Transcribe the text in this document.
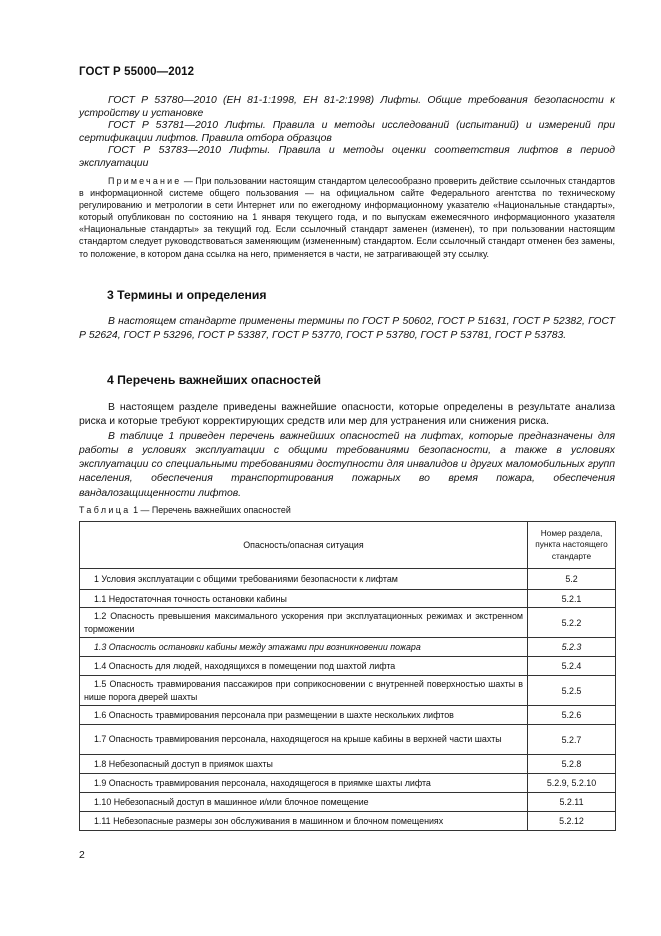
ГОСТ Р 55000—2012

ГОСТ Р 53780—2010 (ЕН 81-1:1998, ЕН 81-2:1998) Лифты. Общие требования безопасности к устройству и установке

ГОСТ Р 53781—2010 Лифты. Правила и методы исследований (испытаний) и измерений при сертификации лифтов. Правила отбора образцов

ГОСТ Р 53783—2010 Лифты. Правила и методы оценки соответствия лифтов в период эксплуатации

Примечание — При пользовании настоящим стандартом целесообразно проверить действие ссылочных стандартов в информационной системе общего пользования — на официальном сайте Федерального агентства по техническому регулированию и метрологии в сети Интернет или по ежегодному информационному указателю «Национальные стандарты», который опубликован по состоянию на 1 января текущего года, и по выпускам ежемесячного информационного указателя «Национальные стандарты» за текущий год. Если ссылочный стандарт заменен (изменен), то при пользовании настоящим стандартом следует руководствоваться заменяющим (измененным) стандартом. Если ссылочный стандарт отменен без замены, то положение, в котором дана ссылка на него, применяется в части, не затрагивающей эту ссылку.

3 Термины и определения

В настоящем стандарте применены термины по ГОСТ Р 50602, ГОСТ Р 51631, ГОСТ Р 52382, ГОСТ Р 52624, ГОСТ Р 53296, ГОСТ Р 53387, ГОСТ Р 53770, ГОСТ Р 53780, ГОСТ Р 53781, ГОСТ Р 53783.

4 Перечень важнейших опасностей

В настоящем разделе приведены важнейшие опасности, которые определены в результате анализа риска и которые требуют корректирующих средств или мер для устранения или снижения риска.

В таблице 1 приведен перечень важнейших опасностей на лифтах, которые предназначены для работы в условиях эксплуатации с общими требованиями безопасности, а также в условиях эксплуатации со специальными требованиями доступности для инвалидов и других маломобильных групп населения, обеспечения транспортирования пожарных во время пожара, обеспечения вандалозащищенности лифтов.

Таблица 1 — Перечень важнейших опасностей
Опасность/опасная ситуация	Номер раздела, пункта настоящего стандарте
1 Условия эксплуатации с общими требованиями безопасности к лифтам	5.2
1.1 Недостаточная точность остановки кабины	5.2.1
1.2 Опасность превышения максимального ускорения при эксплуатационных режимах и экстренном торможении	5.2.2
1.3 Опасность остановки кабины между этажами при возникновении пожара	5.2.3
1.4 Опасность для людей, находящихся в помещении под шахтой лифта	5.2.4
1.5 Опасность травмирования пассажиров при соприкосновении с внутренней поверхностью шахты в нише порога дверей шахты	5.2.5
1.6 Опасность травмирования персонала при размещении в шахте нескольких лифтов	5.2.6
1.7 Опасность травмирования персонала, находящегося на крыше кабины в верхней части шахты	5.2.7
1.8 Небезопасный доступ в приямок шахты	5.2.8
1.9 Опасность травмирования персонала, находящегося в приямке шахты лифта	5.2.9, 5.2.10
1.10 Небезопасный доступ в машинное и/или блочное помещение	5.2.11
1.11 Небезопасные размеры зон обслуживания в машинном и блочном помещениях	5.2.12
2
